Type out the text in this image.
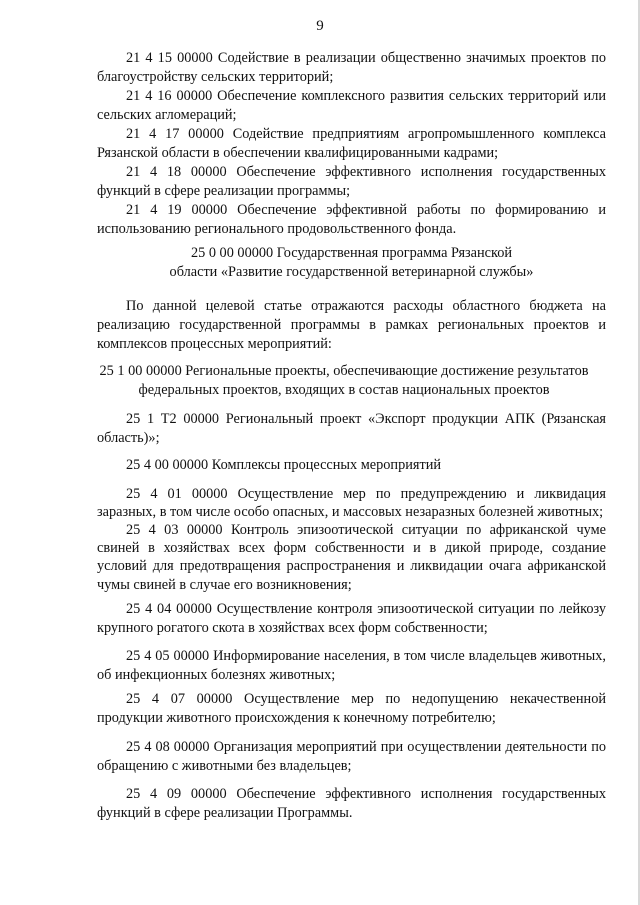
9

21 4 15 00000 Содействие в реализации общественно значимых проектов по благоустройству сельских территорий;

21 4 16 00000 Обеспечение комплексного развития сельских территорий или сельских агломераций;

21 4 17 00000 Содействие предприятиям агропромышленного комплекса Рязанской области в обеспечении квалифицированными кадрами;

21 4 18 00000 Обеспечение эффективного исполнения государственных функций в сфере реализации программы;

21 4 19 00000 Обеспечение эффективной работы по формированию и использованию регионального продовольственного фонда.

25 0 00 00000 Государственная программа Рязанской
области «Развитие государственной ветеринарной службы»

По данной целевой статье отражаются расходы областного бюджета на реализацию государственной программы в рамках региональных проектов и комплексов процессных мероприятий:

25 1 00 00000 Региональные проекты, обеспечивающие достижение результатов
федеральных проектов, входящих в состав национальных проектов

25 1 Т2 00000 Региональный проект «Экспорт продукции АПК (Рязанская область)»;

25 4 00 00000 Комплексы процессных мероприятий

25 4 01 00000 Осуществление мер по предупреждению и ликвидация заразных, в том числе особо опасных, и массовых незаразных болезней животных;

25 4 03 00000 Контроль эпизоотической ситуации по африканской чуме свиней в хозяйствах всех форм собственности и в дикой природе, создание условий для предотвращения распространения и ликвидации очага африканской чумы свиней в случае его возникновения;

25 4 04 00000 Осуществление контроля эпизоотической ситуации по лейкозу крупного рогатого скота в хозяйствах всех форм собственности;

25 4 05 00000 Информирование населения, в том числе владельцев животных, об инфекционных болезнях животных;

25 4 07 00000 Осуществление мер по недопущению некачественной продукции животного происхождения к конечному потребителю;

25 4 08 00000 Организация мероприятий при осуществлении деятельности по обращению с животными без владельцев;

25 4 09 00000 Обеспечение эффективного исполнения государственных функций в сфере реализации Программы.
